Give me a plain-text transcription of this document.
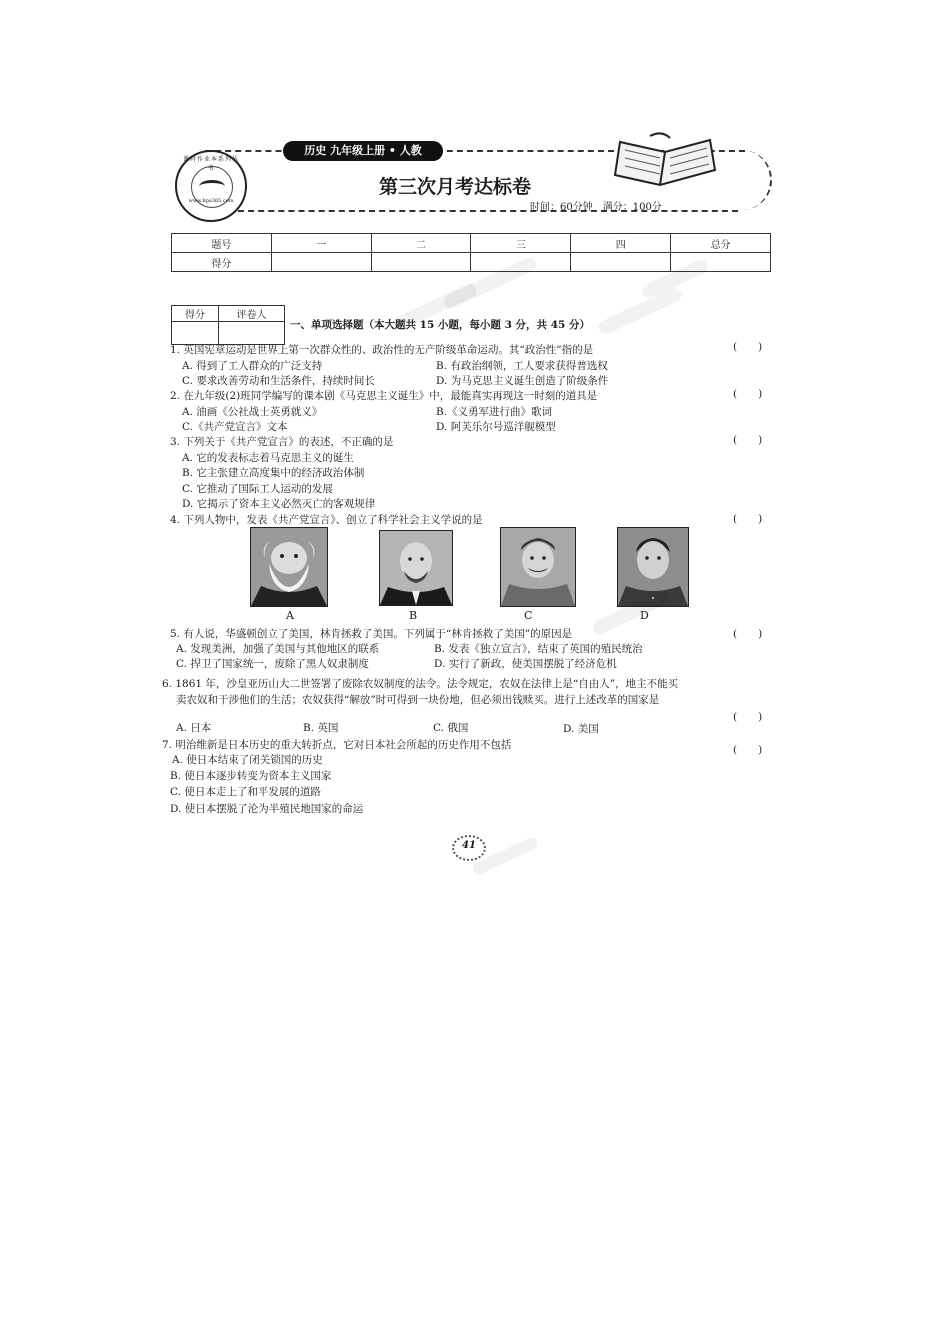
课时作业本系列丛书
www.hpa365.com
历史 九年级上册 • 人教
第三次月考达标卷
时间：60分钟　满分：100分
题号	一	二	三	四	总分
得分					
得分	评卷人

一、单项选择题（本大题共 15 小题，每小题 3 分，共 45 分）
1. 英国宪章运动是世界上第一次群众性的、政治性的无产阶级革命运动。其“政治性”指的是	(　　)
A. 得到了工人群众的广泛支持	B. 有政治纲领，工人要求获得普选权
C. 要求改善劳动和生活条件，持续时间长	D. 为马克思主义诞生创造了阶级条件
2. 在九年级(2)班同学编写的课本剧《马克思主义诞生》中，最能真实再现这一时刻的道具是	(　　)
A. 油画《公社战士英勇就义》	B.《义勇军进行曲》歌词
C.《共产党宣言》文本	D. 阿芙乐尔号巡洋舰模型
3. 下列关于《共产党宣言》的表述，不正确的是	(　　)
A. 它的发表标志着马克思主义的诞生
B. 它主张建立高度集中的经济政治体制
C. 它推动了国际工人运动的发展
D. 它揭示了资本主义必然灭亡的客观规律
4. 下列人物中，发表《共产党宣言》、创立了科学社会主义学说的是	(　　)
A	B	C	D
5. 有人说，华盛顿创立了美国，林肯拯救了美国。下列属于“林肯拯救了美国”的原因是	(　　)
A. 发现美洲，加强了美国与其他地区的联系	B. 发表《独立宣言》，结束了英国的殖民统治
C. 捍卫了国家统一，废除了黑人奴隶制度	D. 实行了新政，使美国摆脱了经济危机
6. 1861 年，沙皇亚历山大二世签署了废除农奴制度的法令。法令规定，农奴在法律上是“自由人”，地主不能买
卖农奴和干涉他们的生活；农奴获得“解放”时可得到一块份地，但必须出钱赎买。进行上述改革的国家是
(　　)
A. 日本	B. 英国	C. 俄国	D. 美国
7. 明治维新是日本历史的重大转折点，它对日本社会所起的历史作用不包括	(　　)
A. 使日本结束了闭关锁国的历史
B. 使日本逐步转变为资本主义国家
C. 使日本走上了和平发展的道路
D. 使日本摆脱了沦为半殖民地国家的命运
41
